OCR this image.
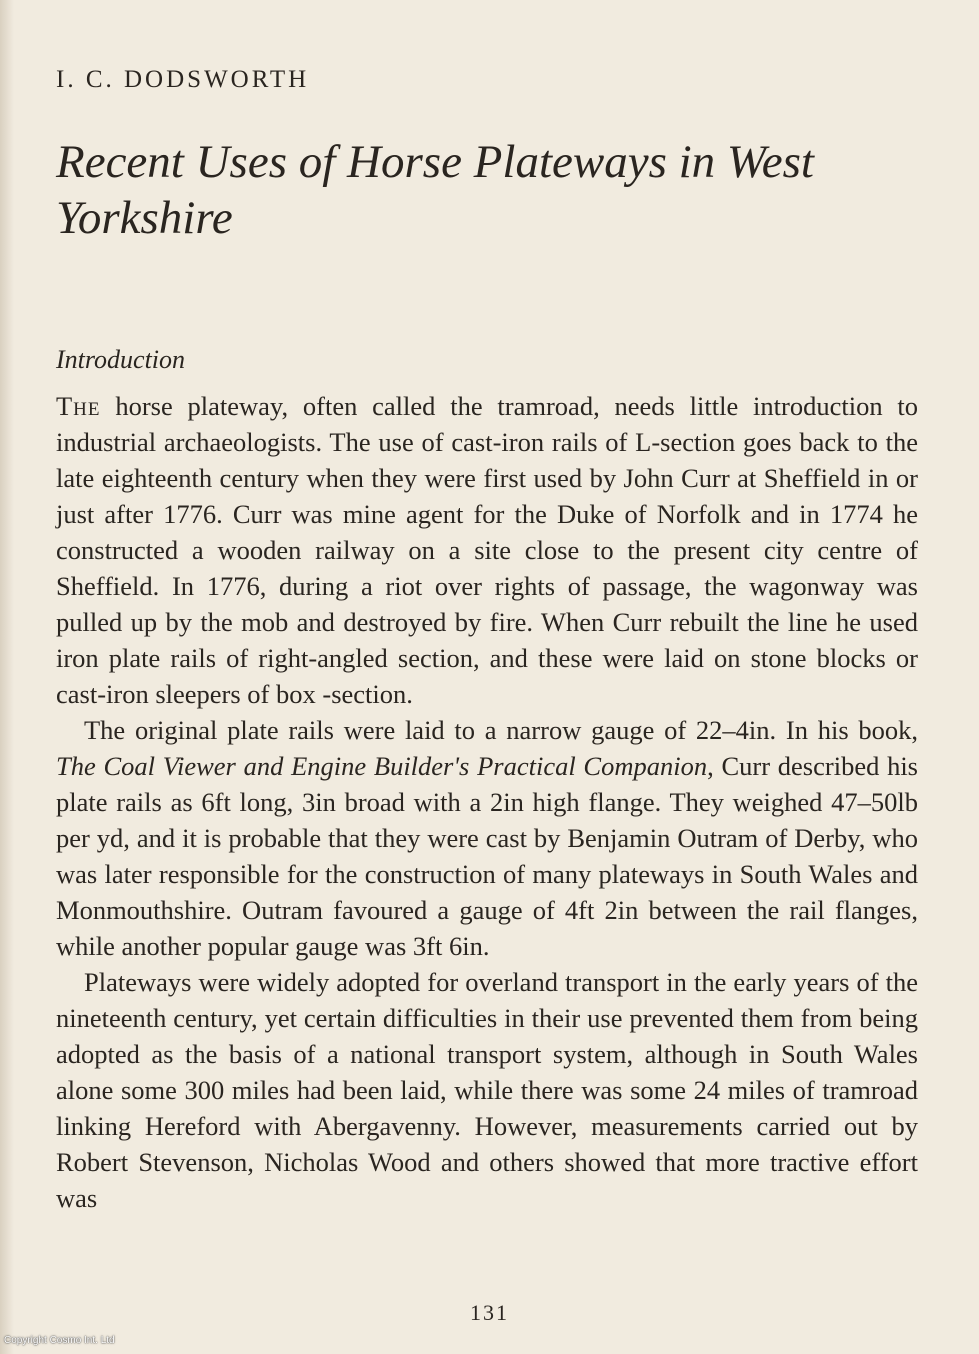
I. C. DODSWORTH
Recent Uses of Horse Plateways in West Yorkshire
Introduction

The horse plateway, often called the tramroad, needs little introduction to industrial archaeologists. The use of cast-iron rails of L-section goes back to the late eighteenth century when they were first used by John Curr at Sheffield in or just after 1776. Curr was mine agent for the Duke of Norfolk and in 1774 he constructed a wooden railway on a site close to the present city centre of Sheffield. In 1776, during a riot over rights of passage, the wagonway was pulled up by the mob and destroyed by fire. When Curr rebuilt the line he used iron plate rails of right-angled section, and these were laid on stone blocks or cast-iron sleepers of box -section.

The original plate rails were laid to a narrow gauge of 22–4in. In his book, The Coal Viewer and Engine Builder's Practical Companion, Curr described his plate rails as 6ft long, 3in broad with a 2in high flange. They weighed 47–50lb per yd, and it is probable that they were cast by Benjamin Outram of Derby, who was later responsible for the construction of many plateways in South Wales and Monmouthshire. Outram favoured a gauge of 4ft 2in between the rail flanges, while another popular gauge was 3ft 6in.

Plateways were widely adopted for overland transport in the early years of the nineteenth century, yet certain difficulties in their use prevented them from being adopted as the basis of a national transport system, although in South Wales alone some 300 miles had been laid, while there was some 24 miles of tramroad linking Hereford with Abergavenny. However, measurements carried out by Robert Stevenson, Nicholas Wood and others showed that more tractive effort was

131
Copyright Cosmo Int. Ltd
